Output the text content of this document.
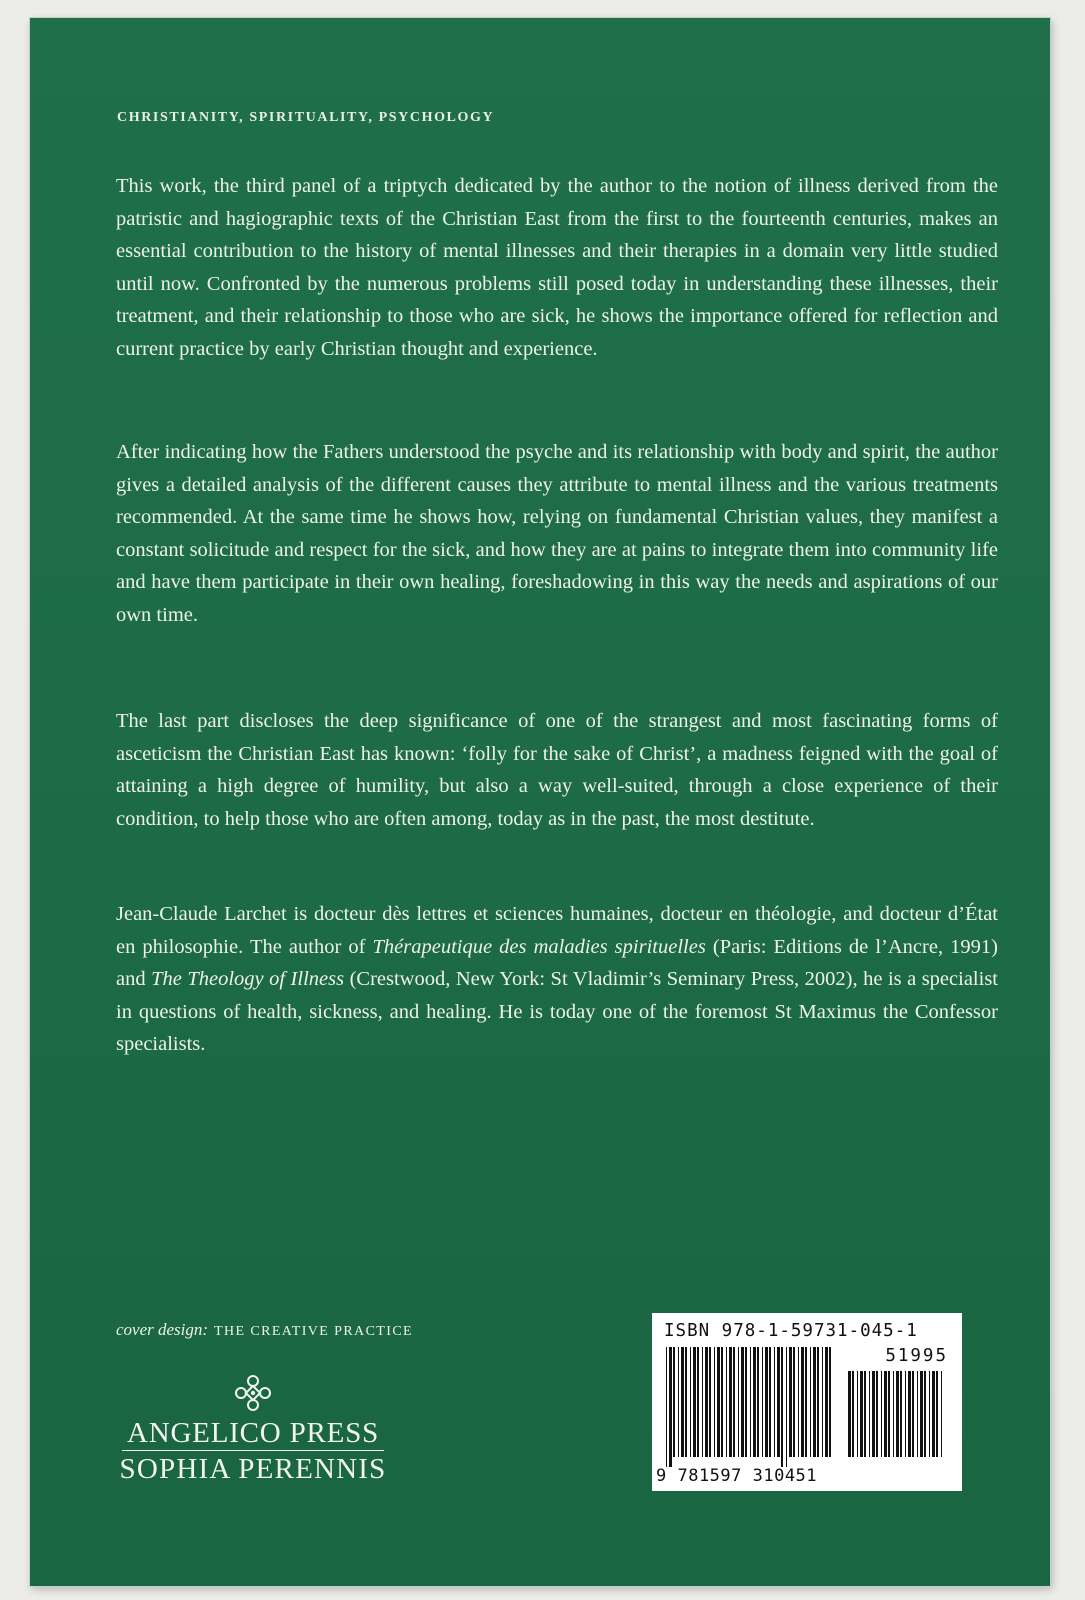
CHRISTIANITY, SPIRITUALITY, PSYCHOLOGY

This work, the third panel of a triptych dedicated by the author to the notion of illness derived from the patristic and hagiographic texts of the Christian East from the first to the fourteenth centuries, makes an essential contribution to the history of mental illnesses and their therapies in a domain very little studied until now. Confronted by the numerous problems still posed today in understanding these illnesses, their treatment, and their relationship to those who are sick, he shows the importance offered for reflection and current practice by early Christian thought and experience.

After indicating how the Fathers understood the psyche and its relationship with body and spirit, the author gives a detailed analysis of the different causes they attribute to mental illness and the various treatments recommended. At the same time he shows how, relying on fundamental Christian values, they manifest a constant solicitude and respect for the sick, and how they are at pains to integrate them into community life and have them participate in their own healing, foreshadowing in this way the needs and aspirations of our own time.

The last part discloses the deep significance of one of the strangest and most fascinating forms of asceticism the Christian East has known: ‘folly for the sake of Christ’, a madness feigned with the goal of attaining a high degree of humility, but also a way well-suited, through a close experience of their condition, to help those who are often among, today as in the past, the most destitute.

Jean-Claude Larchet is docteur dès lettres et sciences humaines, docteur en théologie, and docteur d’État en philosophie. The author of Thérapeutique des maladies spirituelles (Paris: Editions de l’Ancre, 1991) and The Theology of Illness (Crestwood, New York: St Vladimir’s Seminary Press, 2002), he is a specialist in questions of health, sickness, and healing. He is today one of the foremost St Maximus the Confessor specialists.

cover design: THE CREATIVE PRACTICE
ANGELICO PRESS
SOPHIA PERENNIS
ISBN 978-1-59731-045-1
51995
9 781597 310451
